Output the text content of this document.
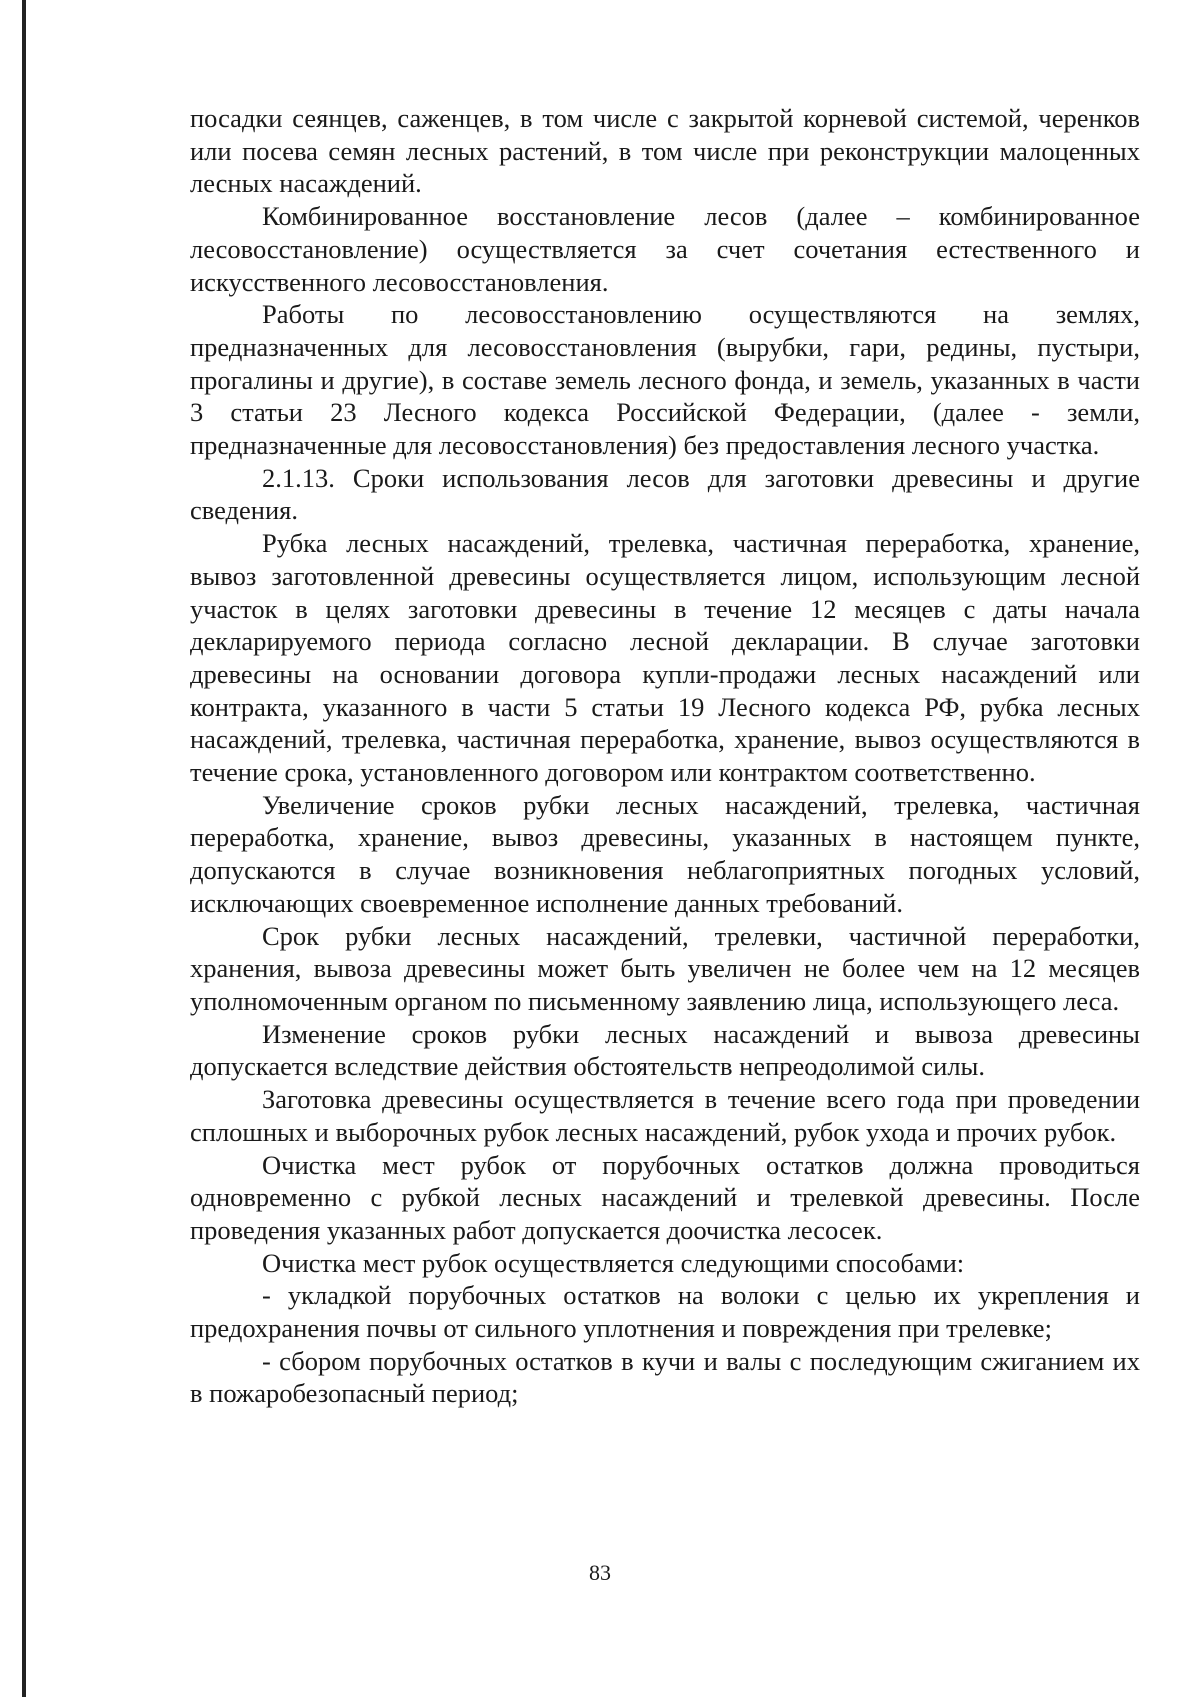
посадки сеянцев, саженцев, в том числе с закрытой корневой системой, черенков или посева семян лесных растений, в том числе при реконструкции малоценных лесных насаждений.

Комбинированное восстановление лесов (далее – комбинированное лесовосстановление) осуществляется за счет сочетания естественного и искусственного лесовосстановления.

Работы по лесовосстановлению осуществляются на землях, предназначенных для лесовосстановления (вырубки, гари, редины, пустыри, прогалины и другие), в составе земель лесного фонда, и земель, указанных в части 3 статьи 23 Лесного кодекса Российской Федерации, (далее - земли, предназначенные для лесовосстановления) без предоставления лесного участка.

2.1.13. Сроки использования лесов для заготовки древесины и другие сведения.

Рубка лесных насаждений, трелевка, частичная переработка, хранение, вывоз заготовленной древесины осуществляется лицом, использующим лесной участок в целях заготовки древесины в течение 12 месяцев с даты начала декларируемого периода согласно лесной декларации. В случае заготовки древесины на основании договора купли-продажи лесных насаждений или контракта, указанного в части 5 статьи 19 Лесного кодекса РФ, рубка лесных насаждений, трелевка, частичная переработка, хранение, вывоз осуществляются в течение срока, установленного договором или контрактом соответственно.

Увеличение сроков рубки лесных насаждений, трелевка, частичная переработка, хранение, вывоз древесины, указанных в настоящем пункте, допускаются в случае возникновения неблагоприятных погодных условий, исключающих своевременное исполнение данных требований.

Срок рубки лесных насаждений, трелевки, частичной переработки, хранения, вывоза древесины может быть увеличен не более чем на 12 месяцев уполномоченным органом по письменному заявлению лица, использующего леса.

Изменение сроков рубки лесных насаждений и вывоза древесины допускается вследствие действия обстоятельств непреодолимой силы.

Заготовка древесины осуществляется в течение всего года при проведении сплошных и выборочных рубок лесных насаждений, рубок ухода и прочих рубок.

Очистка мест рубок от порубочных остатков должна проводиться одновременно с рубкой лесных насаждений и трелевкой древесины. После проведения указанных работ допускается доочистка лесосек.

Очистка мест рубок осуществляется следующими способами:

- укладкой порубочных остатков на волоки с целью их укрепления и предохранения почвы от сильного уплотнения и повреждения при трелевке;

- сбором порубочных остатков в кучи и валы с последующим сжиганием их в пожаробезопасный период;

83
